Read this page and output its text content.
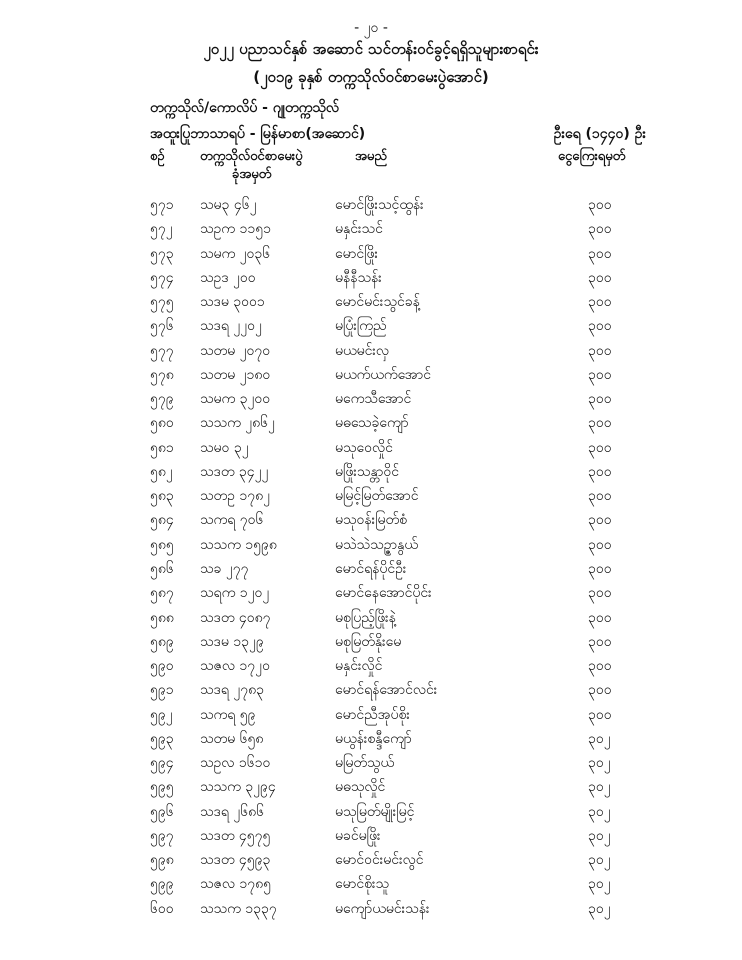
- ၂၀ -
၂၀၂၂ ပညာသင်နှစ် အဆောင် သင်တန်းဝင်ခွင့်ရရှိသူများစာရင်း
(၂၀၁၉ ခုနှစ် တက္ကသိုလ်ဝင်စာမေးပွဲအောင်)
တက္ကသိုလ်/ကောလိပ် - ဂျုတက္ကသိုလ်
အထူးပြုဘာသာရပ် - မြန်မာစာ(အဆောင်)	ဦးရေ (၁၄၄၀) ဦး
စဉ်	တက္ကသိုလ်ဝင်စာမေးပွဲ
ခုံအမှတ်
အမည်	ငွေကြေးရမှတ်
၅၇၁ သမ၃ ၄၆၂	မောင်ဖြိုးသင့်ထွန်း	၃၀၀
၅၇၂ သဥက ၁၁၅၁	မနှင်းသင်	၃၀၀
၅၇၃ သမက ၂၀၃၆	မောင်ဖြိုး	၃၀၀
၅၇၄ သဥဒ ၂၀၀	မနီနီသန်း	၃၀၀
၅၇၅ သဒမ ၃၀၀၁	မောင်မင်းသွင်ခန့်	၃၀၀
၅၇၆ သဒရ ၂၂၀၂	မပြုံးကြည်	၃၀၀
၅၇၇ သတမ ၂၀၇၀	မယမင်းလှ	၃၀၀
၅၇၈ သတမ ၂၁၈၀	မယက်ယက်အောင်	၃၀၀
၅၇၉ သမက ၃၂၀၀	မကေသီအောင်	၃၀၀
၅၈၀ သသက ၂၈၆၂	မဓသေခဲ့ကျော်	၃၀၀
၅၈၁ သမဝ ၃၂	မသုဝေလှိုင်	၃၀၀
၅၈၂ သဒတ ၃၄၂၂	မဖြိုးသန္တာဝိုင်	၃၀၀
၅၈၃ သတဥ ၁၇၈၂	မမြင့်မြတ်အောင်	၃၀၀
၅၈၄ သကရ ၇၀၆	မသုဝန်းမြတ်စံ	၃၀၀
၅၈၅ သသက ၁၅၉၈	မသဲသဲသဉ္ဇာနွယ်	၃၀၀
၅၈၆ သခ ၂၇၇	မောင်ရန်ပိုင်ဦး	၃၀၀
၅၈၇ သရက ၁၂၀၂	မောင်နေအောင်ပိုင်း	၃၀၀
၅၈၈ သဒတ ၄၀၈၇	မစုပြည့်ဖြိုးနဲ့	၃၀၀
၅၈၉ သဒမ ၁၃၂၉	မစုမြတ်နိုးမေ	၃၀၀
၅၉၀ သဇလ ၁၇၂၀	မနှင်းလှိုင်	၃၀၀
၅၉၁ သဒရ ၂၇၈၃	မောင်ရန်အောင်လင်း	၃၀၀
၅၉၂ သကရ ၅၉	မောင်ညီအုပ်စိုး	၃၀၀
၅၉၃ သတမ ၆၅၈	မယွန်းစန္ဒီကျော်	၃၀၂
၅၉၄ သဥလ ၁၆၁၀	မမြတ်သွယ်	၃၀၂
၅၉၅ သသက ၃၂၉၄	မဓသုလှိုင်	၃၀၂
၅၉၆ သဒရ ၂၆၈၆	မသုမြတ်မျိုးမြင့်	၃၀၂
၅၉၇ သဒတ ၄၅၇၅	မခင်မဖြိုး	၃၀၂
၅၉၈ သဒတ ၄၅၉၃	မောင်ဝင်းမင်းလွင်	၃၀၂
၅၉၉ သဇလ ၁၇၈၅	မောင်စိုးသူ	၃၀၂
၆၀၀ သသက ၁၃၃၇	မကျော်ယမင်းသန်း	၃၀၂
